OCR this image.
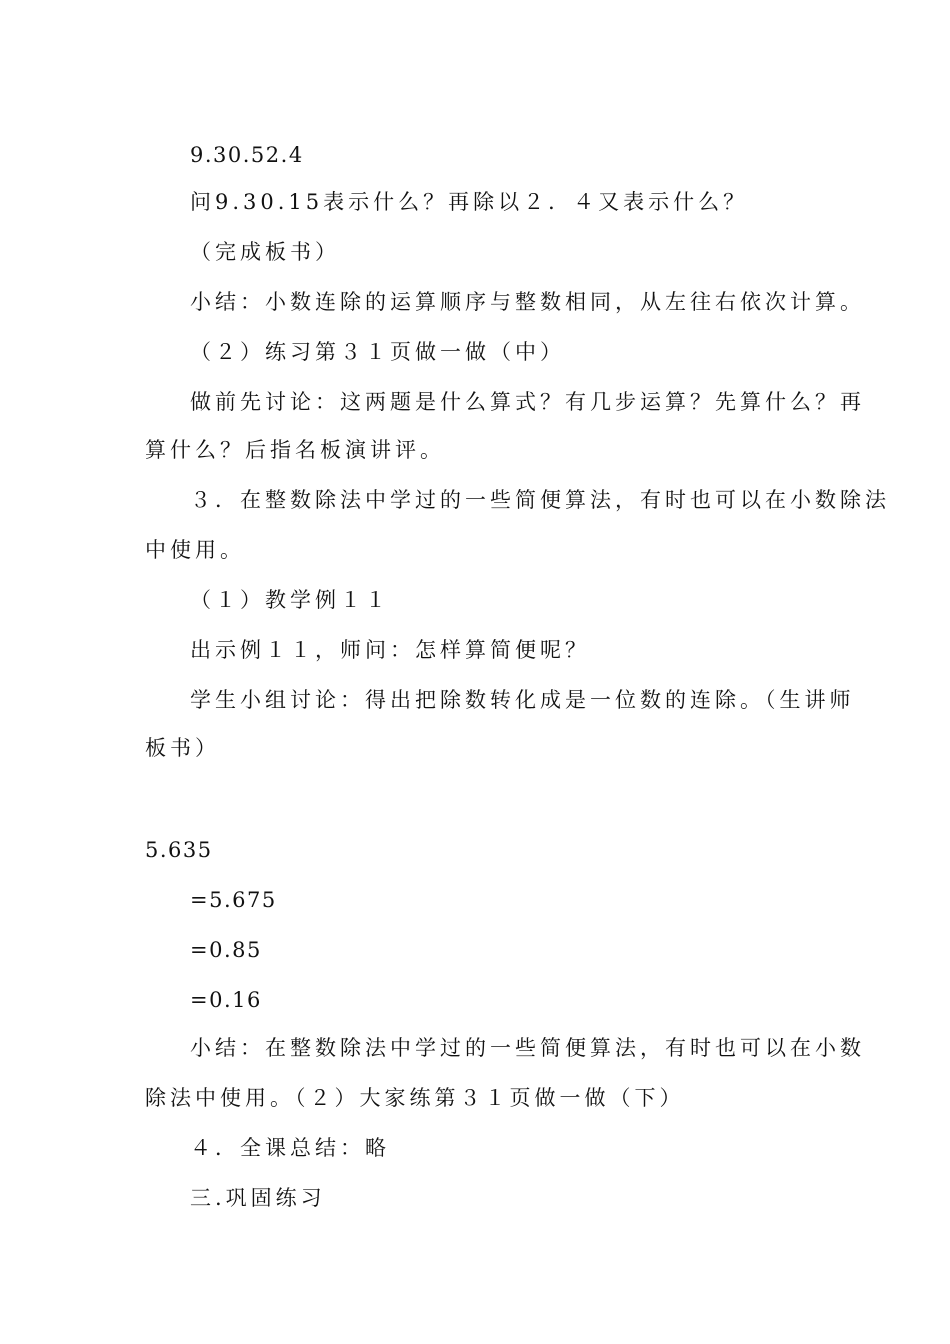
9.30.52.4
问9.30.15表示什么？再除以２．４又表示什么？
（完成板书）
小结：小数连除的运算顺序与整数相同，从左往右依次计算。
（２）练习第３１页做一做（中）
做前先讨论：这两题是什么算式？有几步运算？先算什么？再
算什么？后指名板演讲评。
３．在整数除法中学过的一些简便算法，有时也可以在小数除法
中使用。
（１）教学例１１
出示例１１，师问：怎样算简便呢？
学生小组讨论：得出把除数转化成是一位数的连除。（生讲师
板书）
5.635
=5.675
=0.85
=0.16
小结：在整数除法中学过的一些简便算法，有时也可以在小数
除法中使用。（２）大家练第３１页做一做（下）
４．全课总结：略
三.巩固练习
